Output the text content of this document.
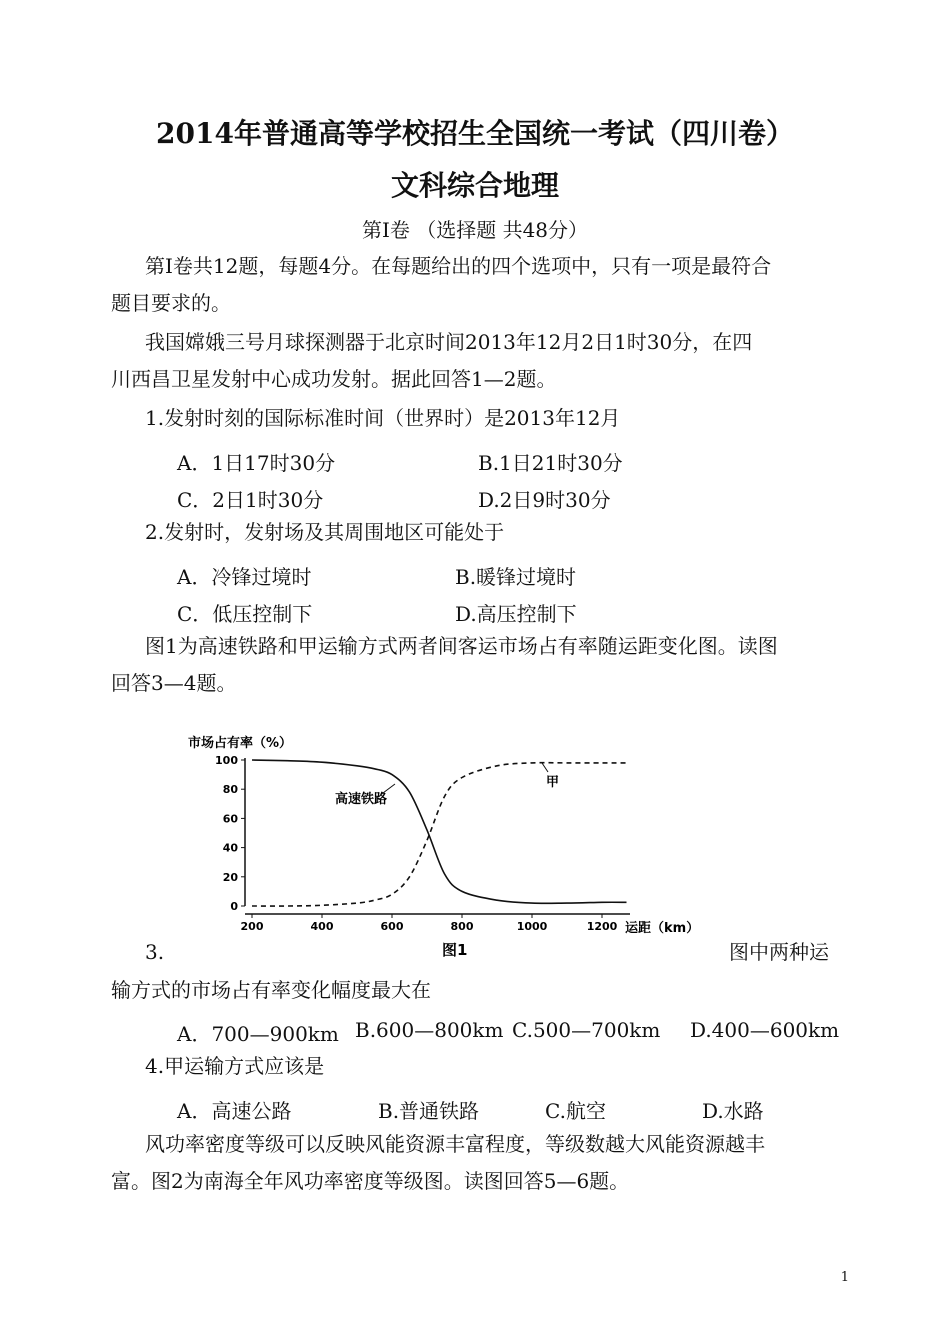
2014年普通高等学校招生全国统一考试（四川卷）
文科综合地理
第Ⅰ卷 （选择题 共48分）
第Ⅰ卷共12题，每题4分。在每题给出的四个选项中，只有一项是最符合
题目要求的。
我国嫦娥三号月球探测器于北京时间2013年12月2日1时30分，在四
川西昌卫星发射中心成功发射。据此回答1—2题。
1.发射时刻的国际标准时间（世界时）是2013年12月
A．1日17时30分	B.1日21时30分
C．2日1时30分	D.2日9时30分
2.发射时，发射场及其周围地区可能处于
A．冷锋过境时	B.暖锋过境时
C．低压控制下	D.高压控制下
图1为高速铁路和甲运输方式两者间客运市场占有率随运距变化图。读图
回答3—4题。
市场占有率（%）
运距（km）
图1
0
20
40
60
80
100
200	400	600	800	1000	1200
高速铁路
甲
3.	图中两种运
输方式的市场占有率变化幅度最大在
A．700—900km B.600—800km C.500—700km D.400—600km
4.甲运输方式应该是
A．高速公路	B.普通铁路	C.航空	D.水路
风功率密度等级可以反映风能资源丰富程度，等级数越大风能资源越丰
富。图2为南海全年风功率密度等级图。读图回答5—6题。
1
